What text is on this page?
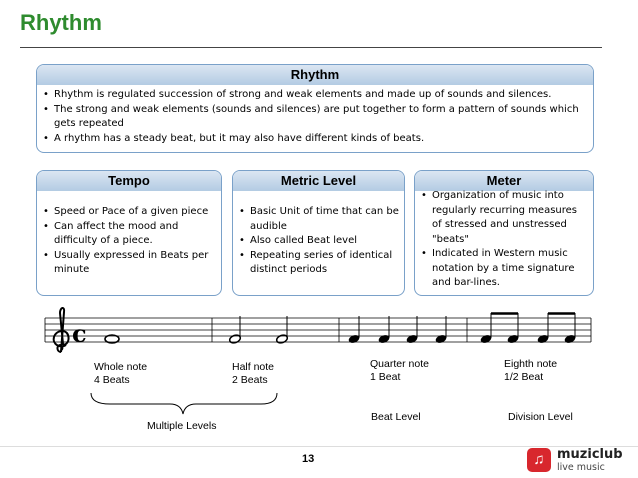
Rhythm
Rhythm
• Rhythm is regulated succession of strong and weak elements and made up of sounds and silences.
• The strong and weak elements (sounds and silences) are put together to form a pattern of sounds which gets repeated
• A rhythm has a steady beat, but it may also have different kinds of beats.
Tempo
• Speed or Pace of a given piece
• Can affect the mood and difficulty of a piece.
• Usually expressed in Beats per minute
Metric Level
• Basic Unit of time that can be audible
• Also called Beat level
• Repeating series of identical distinct periods
Meter
• Organization of music into regularly recurring measures of stressed and unstressed "beats"
• Indicated in Western music notation by a time signature and bar-lines.
c
Whole note
4 Beats
Half note
2 Beats
Quarter note
1 Beat
Eighth note
1/2 Beat
Multiple Levels
Beat Level	Division Level
13	♫ muziclub
live music
